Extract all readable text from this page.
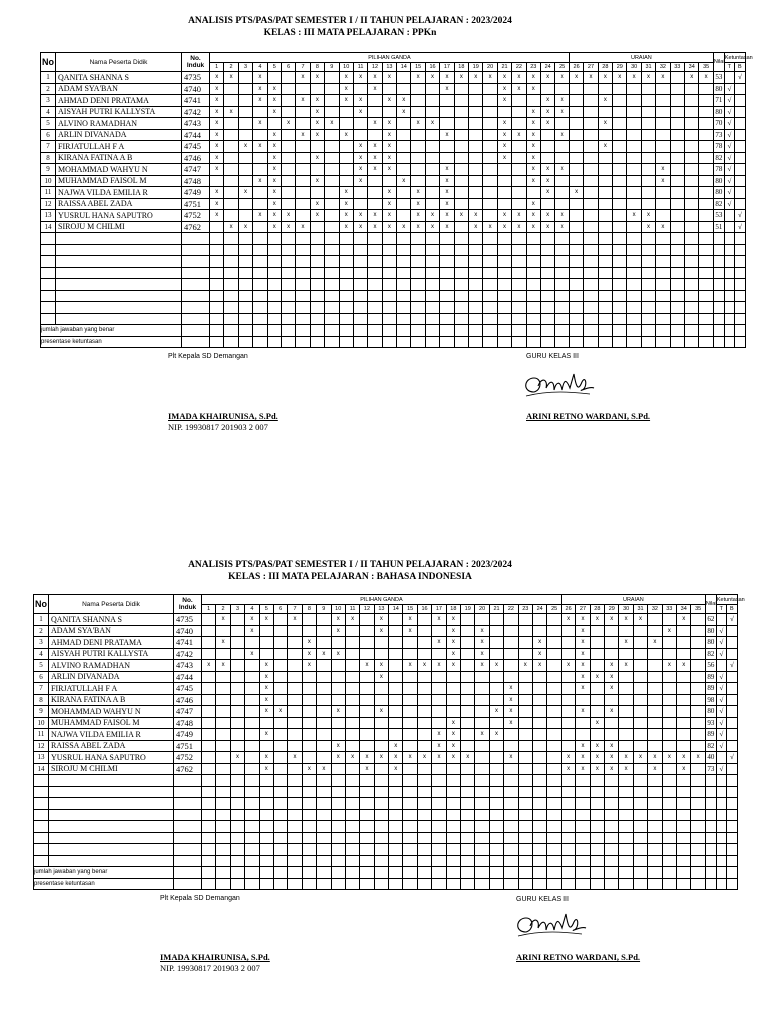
ANALISIS PTS/PAS/PAT SEMESTER I / II TAHUN PELAJARAN : 2023/2024
KELAS : III MATA PELAJARAN : PPKn
No	Nama Peserta Didik	No. Induk	PILIHAN GANDA																									URAIAN										Nilai	Ketuntasan	
			1	2	3	4	5	6	7	8	9	10	11	12	13	14	15	16	17	18	19	20	21	22	23	24	25	26	27	28	29	30	31	32	33	34	35		T	B
1	QANITA SHANNA S	4735	x	x		x			x	x		x	x	x	x		x	x	x	x	x	x	x	x	x	x	x	x	x	x	x	x	x	x		x	x	53		√
2	ADAM SYA'BAN	4740	x			x	x					x		x					x				x	x	x													80	√	
3	AHMAD DENI PRATAMA	4741	x			x	x		x	x		x	x		x	x							x			x	x			x								71	√	
4	AISYAH PUTRI KALLYSTA	4742	x	x			x			x			x			x									x	x	x											80	√	
5	ALVINO RAMADHAN	4743	x			x		x		x	x			x	x		x	x					x		x	x				x								70	√	
6	ARLIN DIVANADA	4744	x				x		x	x		x			x				x				x	x	x		x											73	√	
7	FIRJATULLAH F A	4745	x		x	x	x						x	x	x								x		x					x								78	√	
8	KIRANA FATINA A B	4746	x				x			x			x	x	x								x		x													82	√	
9	MOHAMMAD WAHYU N	4747	x				x						x	x	x				x						x	x	x							x				78	√	
10	MUHAMMAD FAISOL M	4748				x	x			x			x			x			x						x	x								x				80	√	
11	NAJWA VILDA EMILIA R	4749	x		x		x					x			x		x		x							x		x										80	√	
12	RAISSA ABEL ZADA	4751	x				x			x		x			x		x		x						x													82	√	
13	YUSRUL HANA SAPUTRO	4752	x			x	x	x		x		x	x	x	x		x	x	x	x	x		x	x	x	x	x					x	x					53		√
14	SIROJU M CHILMI	4762		x	x		x	x	x			x	x	x	x	x	x	x	x		x	x	x	x	x	x	x						x	x				51		√

jumlah jawaban yang benar																																								
presentase ketuntasan																																								
Plt Kepala SD Demangan	GURU KELAS III
IMADA KHAIRUNISA, S.Pd.	ARINI RETNO WARDANI, S.Pd.
NIP. 19930817 201903 2 007
ANALISIS PTS/PAS/PAT SEMESTER I / II TAHUN PELAJARAN : 2023/2024
KELAS : III MATA PELAJARAN : BAHASA INDONESIA
No	Nama Peserta Didik	No. Induk	PILIHAN GANDA																									URAIAN										Nilai	Ketuntasan	
			1	2	3	4	5	6	7	8	9	10	11	12	13	14	15	16	17	18	19	20	21	22	23	24	25	26	27	28	29	30	31	32	33	34	35		T	B
1	QANITA SHANNA S	4735		x		x	x		x			x	x		x		x		x	x								x	x	x	x	x	x			x		62		√
2	ADAM SYA'BAN	4740				x						x			x		x			x		x							x						x			80	√	
3	AHMAD DENI PRATAMA	4741		x						x									x	x		x				x			x			x		x				80	√	
4	AISYAH PUTRI KALLYSTA	4742				x				x	x	x								x		x				x			x									82	√	
5	ALVINO RAMADHAN	4743	x	x			x			x				x	x		x	x	x	x		x	x		x	x		x	x		x	x			x	x		56		√
6	ARLIN DIVANADA	4744					x								x														x	x	x							89	√	
7	FIRJATULLAH F A	4745					x																	x					x		x							89	√	
8	KIRANA FATINA A B	4746					x																	x														98	√	
9	MOHAMMAD WAHYU N	4747					x	x				x			x								x	x					x		x							80	√	
10	MUHAMMAD FAISOL M	4748																		x				x						x								93	√	
11	NAJWA VILDA EMILIA R	4749					x												x	x		x	x															89	√	
12	RAISSA ABEL ZADA	4751										x				x			x	x									x	x	x							82	√	
13	YUSRUL HANA SAPUTRO	4752			x		x		x			x	x	x	x	x	x	x	x	x	x			x				x	x	x	x	x	x	x	x	x	x	40		√
14	SIROJU M CHILMI	4762					x			x	x			x		x												x	x	x	x	x		x		x		73	√	

jumlah jawaban yang benar																																								
presentase ketuntasan																																								
Plt Kepala SD Demangan	GURU KELAS III
IMADA KHAIRUNISA, S.Pd.	ARINI RETNO WARDANI, S.Pd.
NIP. 19930817 201903 2 007
